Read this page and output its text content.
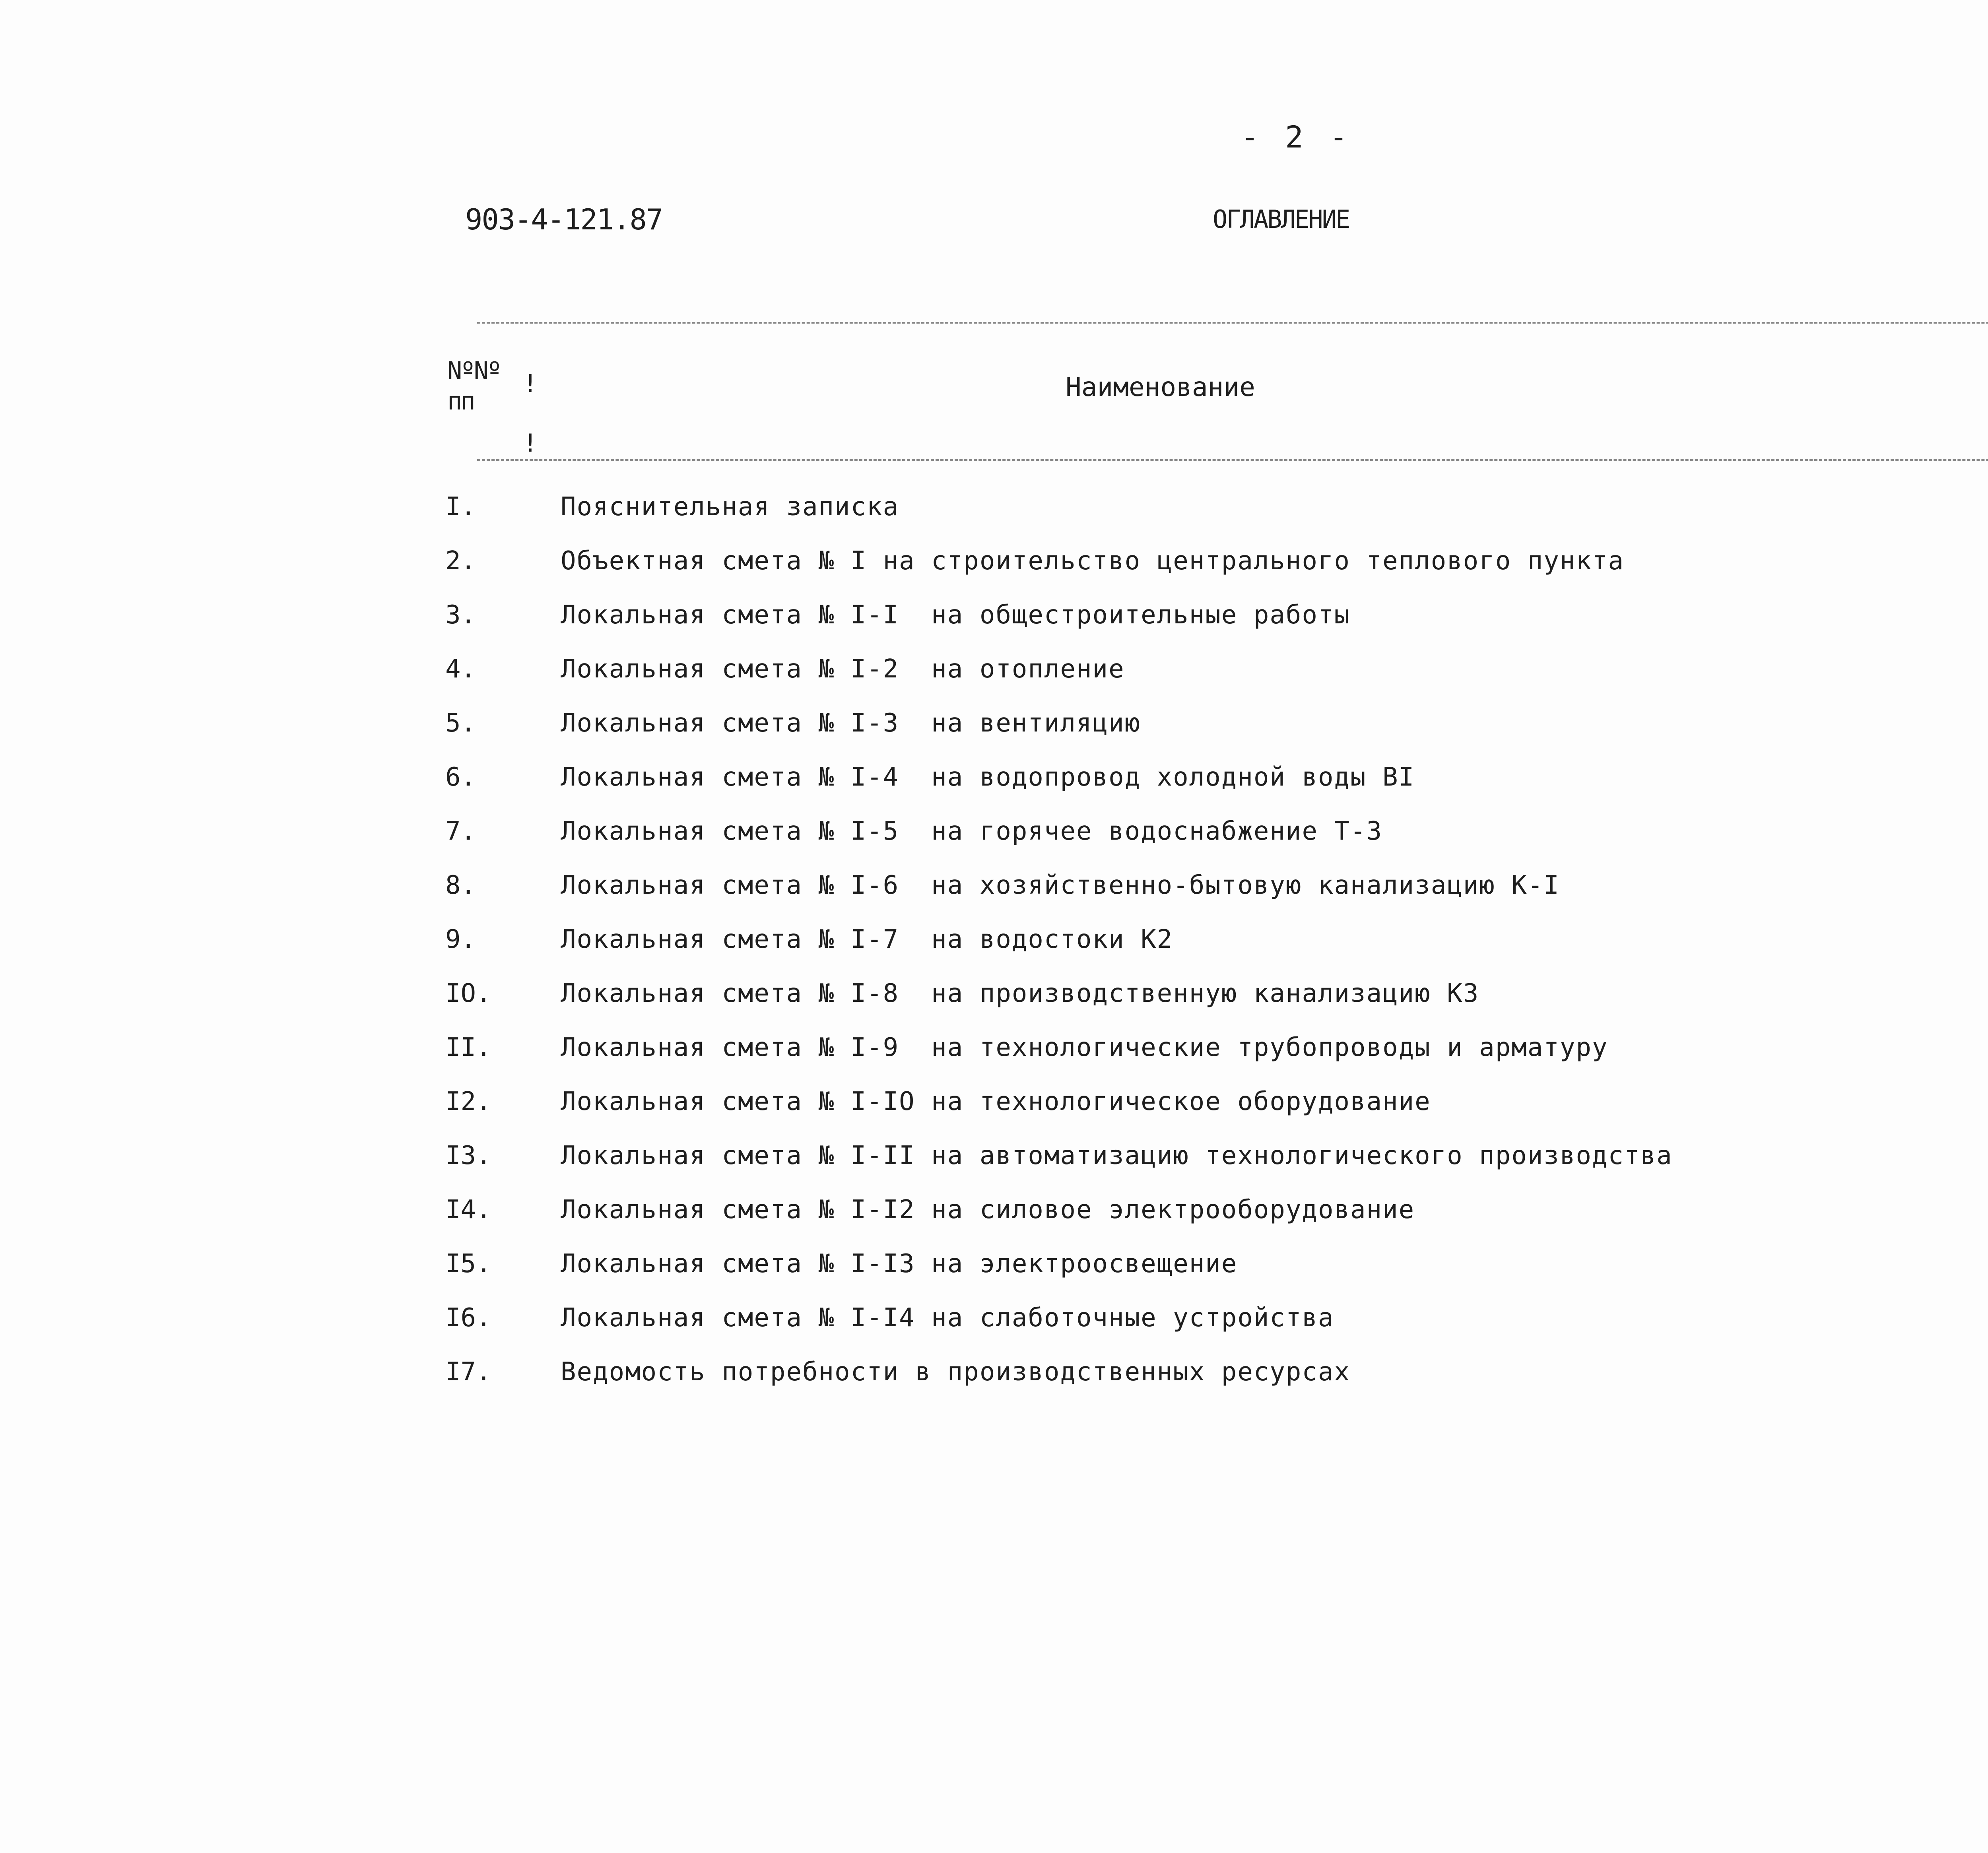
- 2 -
903-4-121.87	ОГЛАВЛЕНИЕ
NºNº
пп
!
!
Наименование
I.	Пояснительная записка
2.	Объектная смета № I на строительство центрального теплового пункта
3.	Локальная смета № I-I  на общестроительные работы
4.	Локальная смета № I-2  на отопление
5.	Локальная смета № I-3  на вентиляцию
6.	Локальная смета № I-4  на водопровод холодной воды BI
7.	Локальная смета № I-5  на горячее водоснабжение Т-3
8.	Локальная смета № I-6  на хозяйственно-бытовую канализацию К-I
9.	Локальная смета № I-7  на водостоки К2
IO.	Локальная смета № I-8  на производственную канализацию К3
II.	Локальная смета № I-9  на технологические трубопроводы и арматуру
I2.	Локальная смета № I-IO на технологическое оборудование
I3.	Локальная смета № I-II на автоматизацию технологического производства
I4.	Локальная смета № I-I2 на силовое электрооборудование
I5.	Локальная смета № I-I3 на электроосвещение
I6.	Локальная смета № I-I4 на слаботочные устройства
I7.	Ведомость потребности в производственных ресурсах
